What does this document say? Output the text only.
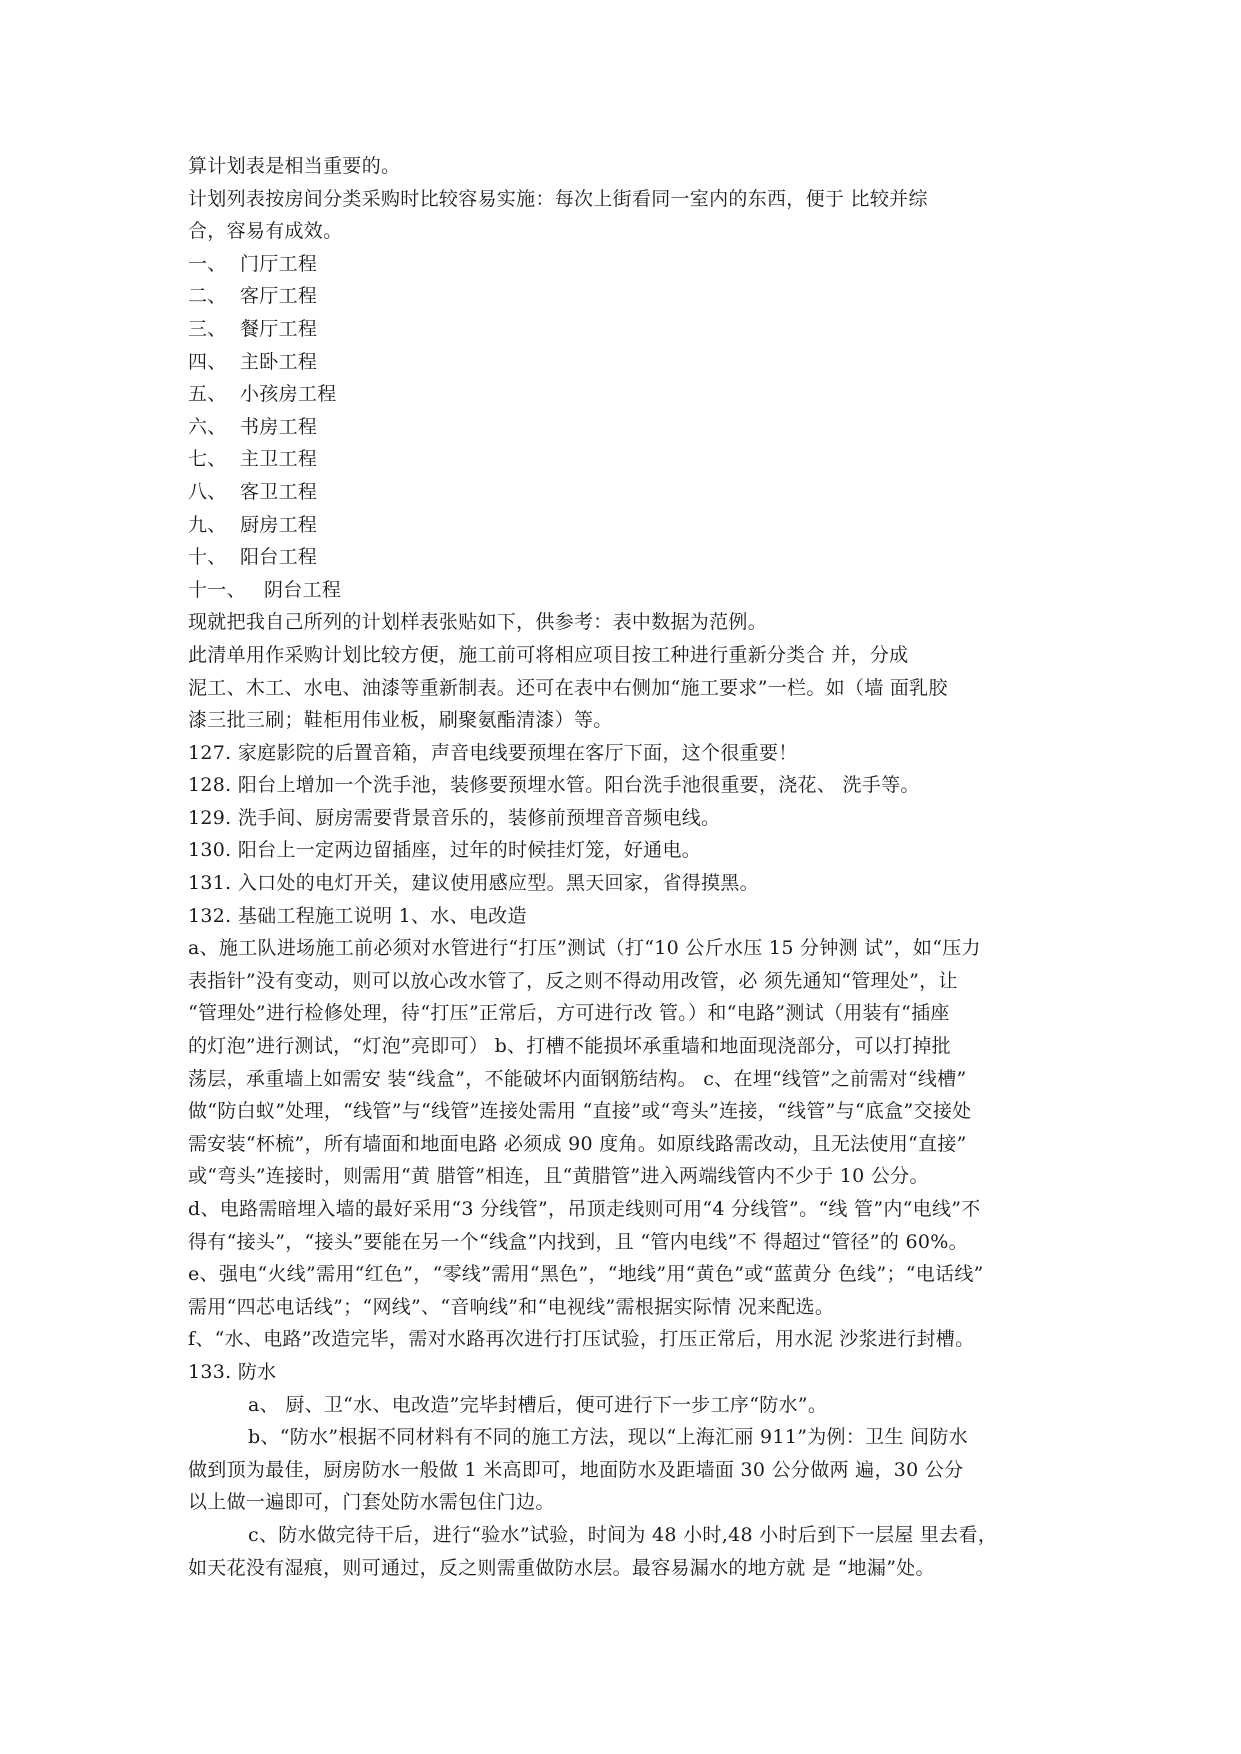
算计划表是相当重要的。
计划列表按房间分类采购时比较容易实施：每次上街看同一室内的东西，便于 比较并综
合，容易有成效。
一、 门厅工程
二、 客厅工程
三、 餐厅工程
四、 主卧工程
五、 小孩房工程
六、 书房工程
七、 主卫工程
八、 客卫工程
九、 厨房工程
十、 阳台工程
十一、 阴台工程
现就把我自己所列的计划样表张贴如下，供参考：表中数据为范例。
此清单用作采购计划比较方便，施工前可将相应项目按工种进行重新分类合 并，分成
泥工、木工、水电、油漆等重新制表。还可在表中右侧加“施工要求”一栏。如（墙 面乳胶
漆三批三刷；鞋柜用伟业板，刷聚氨酯清漆）等。
127. 家庭影院的后置音箱，声音电线要预埋在客厅下面，这个很重要！
128. 阳台上增加一个洗手池，装修要预埋水管。阳台洗手池很重要，浇花、 洗手等。
129. 洗手间、厨房需要背景音乐的，装修前预埋音音频电线。
130. 阳台上一定两边留插座，过年的时候挂灯笼，好通电。
131. 入口处的电灯开关，建议使用感应型。黑天回家，省得摸黑。
132. 基础工程施工说明 1、水、电改造
a、施工队进场施工前必须对水管进行“打压”测试（打“10 公斤水压 15 分钟测 试”，如“压力
表指针”没有变动，则可以放心改水管了，反之则不得动用改管，必 须先通知“管理处”，让
“管理处”进行检修处理，待“打压”正常后，方可进行改 管。）和“电路”测试（用装有“插座
的灯泡”进行测试，“灯泡”亮即可） b、打槽不能损坏承重墙和地面现浇部分，可以打掉批
荡层，承重墙上如需安 装“线盒”，不能破坏内面钢筋结构。 c、在埋“线管”之前需对“线槽”
做“防白蚁”处理，“线管”与“线管”连接处需用 “直接”或“弯头”连接，“线管”与“底盒”交接处
需安装“杯梳”，所有墙面和地面电路 必须成 90 度角。如原线路需改动，且无法使用“直接”
或“弯头”连接时，则需用“黄 腊管”相连，且“黄腊管”进入两端线管内不少于 10 公分。
d、电路需暗埋入墙的最好采用“3 分线管”，吊顶走线则可用“4 分线管”。“线 管”内“电线”不
得有“接头”，“接头”要能在另一个“线盒”内找到，且 “管内电线”不 得超过“管径”的 60%。
e、强电“火线”需用“红色”，“零线”需用“黑色”，“地线”用“黄色”或“蓝黄分 色线”；“电话线”
需用“四芯电话线”；“网线”、“音响线”和“电视线”需根据实际情 况来配选。
f、“水、电路”改造完毕，需对水路再次进行打压试验，打压正常后，用水泥 沙浆进行封槽。
133. 防水
a、 厨、卫“水、电改造”完毕封槽后，便可进行下一步工序“防水”。
b、“防水”根据不同材料有不同的施工方法，现以“上海汇丽 911”为例：卫生 间防水
做到顶为最佳，厨房防水一般做 1 米高即可，地面防水及距墙面 30 公分做两 遍，30 公分
以上做一遍即可，门套处防水需包住门边。
c、防水做完待干后，进行“验水”试验，时间为 48 小时,48 小时后到下一层屋 里去看，
如天花没有湿痕，则可通过，反之则需重做防水层。最容易漏水的地方就 是 “地漏”处。
